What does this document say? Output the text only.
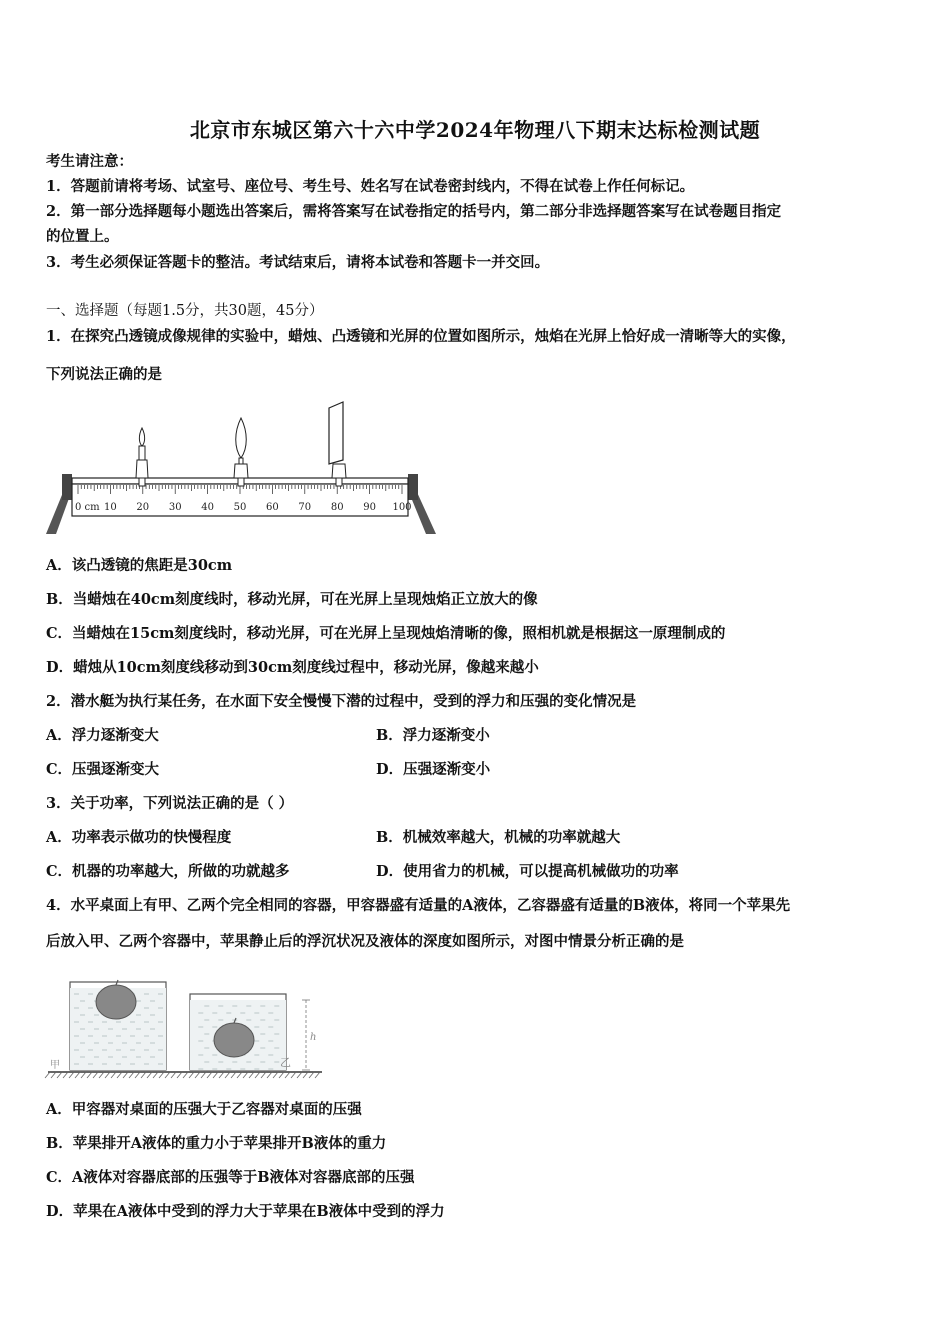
北京市东城区第六十六中学2024年物理八下期末达标检测试题
考生请注意：
1．答题前请将考场、试室号、座位号、考生号、姓名写在试卷密封线内，不得在试卷上作任何标记。
2．第一部分选择题每小题选出答案后，需将答案写在试卷指定的括号内，第二部分非选择题答案写在试卷题目指定
的位置上。
3．考生必须保证答题卡的整洁。考试结束后，请将本试卷和答题卡一并交回。
一、选择题（每题1.5分，共30题，45分）
1．在探究凸透镜成像规律的实验中，蜡烛、凸透镜和光屏的位置如图所示，烛焰在光屏上恰好成一清晰等大的实像，
下列说法正确的是
0 cm 10 20 30 40 50 60 70 80 90 100
A．该凸透镜的焦距是30cm
B．当蜡烛在40cm刻度线时，移动光屏，可在光屏上呈现烛焰正立放大的像
C．当蜡烛在15cm刻度线时，移动光屏，可在光屏上呈现烛焰清晰的像，照相机就是根据这一原理制成的
D．蜡烛从10cm刻度线移动到30cm刻度线过程中，移动光屏，像越来越小
2．潜水艇为执行某任务，在水面下安全慢慢下潜的过程中，受到的浮力和压强的变化情况是
A．浮力逐渐变大	B．浮力逐渐变小
C．压强逐渐变大	D．压强逐渐变小
3．关于功率，下列说法正确的是（ ）
A．功率表示做功的快慢程度	B．机械效率越大，机械的功率就越大
C．机器的功率越大，所做的功就越多	D．使用省力的机械，可以提高机械做功的功率
4．水平桌面上有甲、乙两个完全相同的容器，甲容器盛有适量的A液体，乙容器盛有适量的B液体，将同一个苹果先
后放入甲、乙两个容器中，苹果静止后的浮沉状况及液体的深度如图所示，对图中情景分析正确的是
h
甲	乙
A．甲容器对桌面的压强大于乙容器对桌面的压强
B．苹果排开A液体的重力小于苹果排开B液体的重力
C．A液体对容器底部的压强等于B液体对容器底部的压强
D．苹果在A液体中受到的浮力大于苹果在B液体中受到的浮力
